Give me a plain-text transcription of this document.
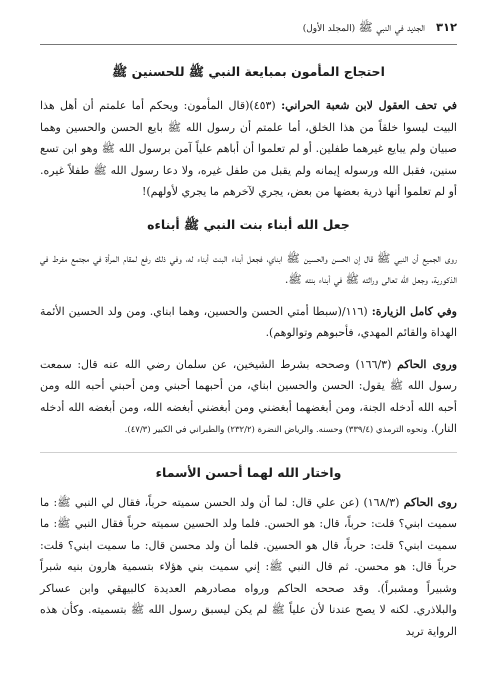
٣١٢   الجديد في النبي ﷺ (المجلد الأول)
احتجاج المأمون بمبايعة النبي ﷺ للحسنين ﷺ

في تحف العقول لابن شعبة الحراني: (٤٥٣)(قال المأمون: ويحكم أما علمتم أن أهل هذا البيت ليسوا خلقاً من هذا الخلق، أما علمتم أن رسول الله ﷺ بايع الحسن والحسين وهما صبيان ولم يبايع غيرهما طفلين. أو لم تعلموا أن أباهم علياً آمن برسول الله ﷺ وهو ابن تسع سنين، فقبل الله ورسوله إيمانه ولم يقبل من طفل غيره، ولا دعا رسول الله ﷺ طفلاً غيره. أو لم تعلموا أنها ذرية بعضها من بعض، يجري لآخرهم ما يجري لأولهم)!

جعل الله أبناء بنت النبي ﷺ أبناءه

روى الجميع أن النبي ﷺ قال إن الحسن والحسين ﷺ ابناي، فجعل أبناء البنت أبناء له، وفي ذلك رفع لمقام المرأة في مجتمع مفرط في الذكورية، وجعل الله تعالى وراثته ﷺ في أبناء بنته ﷺ.

وفي كامل الزيارة: (١١٦/(سبطا أمتي الحسن والحسين، وهما ابناي. ومن ولد الحسين الأئمة الهداة والقائم المهدي، فأحبوهم وتوالوهم).

وروى الحاكم (١٦٦/٣) وصححه بشرط الشيخين، عن سلمان رضي الله عنه قال: سمعت رسول الله ﷺ يقول: الحسن والحسين ابناي، من أحبهما أحبني ومن أحبني أحبه الله ومن أحبه الله أدخله الجنة، ومن أبغضهما أبغضني ومن أبغضني أبغضه الله، ومن أبغضه الله أدخله النار). ونحوه الترمذي (٣٣٩/٤) وحسنه. والرياض النضرة (٢٣٢/٢) والطبراني في الكبير (٤٧/٣).

واختار الله لهما أحسن الأسماء

روى الحاكم (١٦٨/٣) (عن علي قال: لما أن ولد الحسن سميته حرباً، فقال لي النبي ﷺ: ما سميت ابني؟ قلت: حرباً، قال: هو الحسن. فلما ولد الحسين سميته حرباً فقال النبي ﷺ: ما سميت ابني؟ قلت: حرباً، قال هو الحسين. فلما أن ولد محسن قال: ما سميت ابني؟ قلت: حرباً قال: هو محسن. ثم قال النبي ﷺ: إني سميت بني هؤلاء بتسمية هارون بنيه شبراً وشبيراً ومشبراً). وقد صححه الحاكم ورواه مصادرهم العديدة كالبيهقي وابن عساكر والبلاذري. لكنه لا يصح عندنا لأن علياً ﷺ لم يكن ليسبق رسول الله ﷺ بتسميته. وكأن هذه الرواية تريد
